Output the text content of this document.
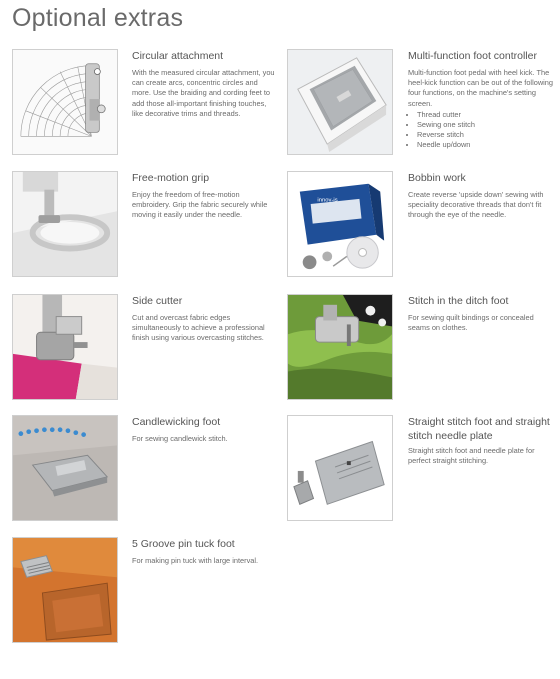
Optional extras
Circular attachment
With the measured circular attachment, you can create arcs, concentric circles and more. Use the braiding and cording feet to add those all-important finishing touches, like decorative trims and threads.
Multi-function foot controller
Multi-function foot pedal with heel kick. The heel-kick function can be out of the following four functions, on the machine's setting screen.
• Thread cutter
• Sewing one stitch
• Reverse stitch
• Needle up/down
Free-motion grip
Enjoy the freedom of free-motion embroidery. Grip the fabric securely while moving it easily under the needle.
innov-is
Bobbin work
Create reverse 'upside down' sewing with speciality decorative threads that don't fit through the eye of the needle.
Side cutter
Cut and overcast fabric edges simultaneously to achieve a professional finish using various overcasting stitches.
Stitch in the ditch foot
For sewing quilt bindings or concealed seams on clothes.
Candlewicking foot
For sewing candlewick stitch.
Straight stitch foot and straight stitch needle plate
Straight stitch foot and needle plate for perfect straight stitching.
5 Groove pin tuck foot
For making pin tuck with large interval.
